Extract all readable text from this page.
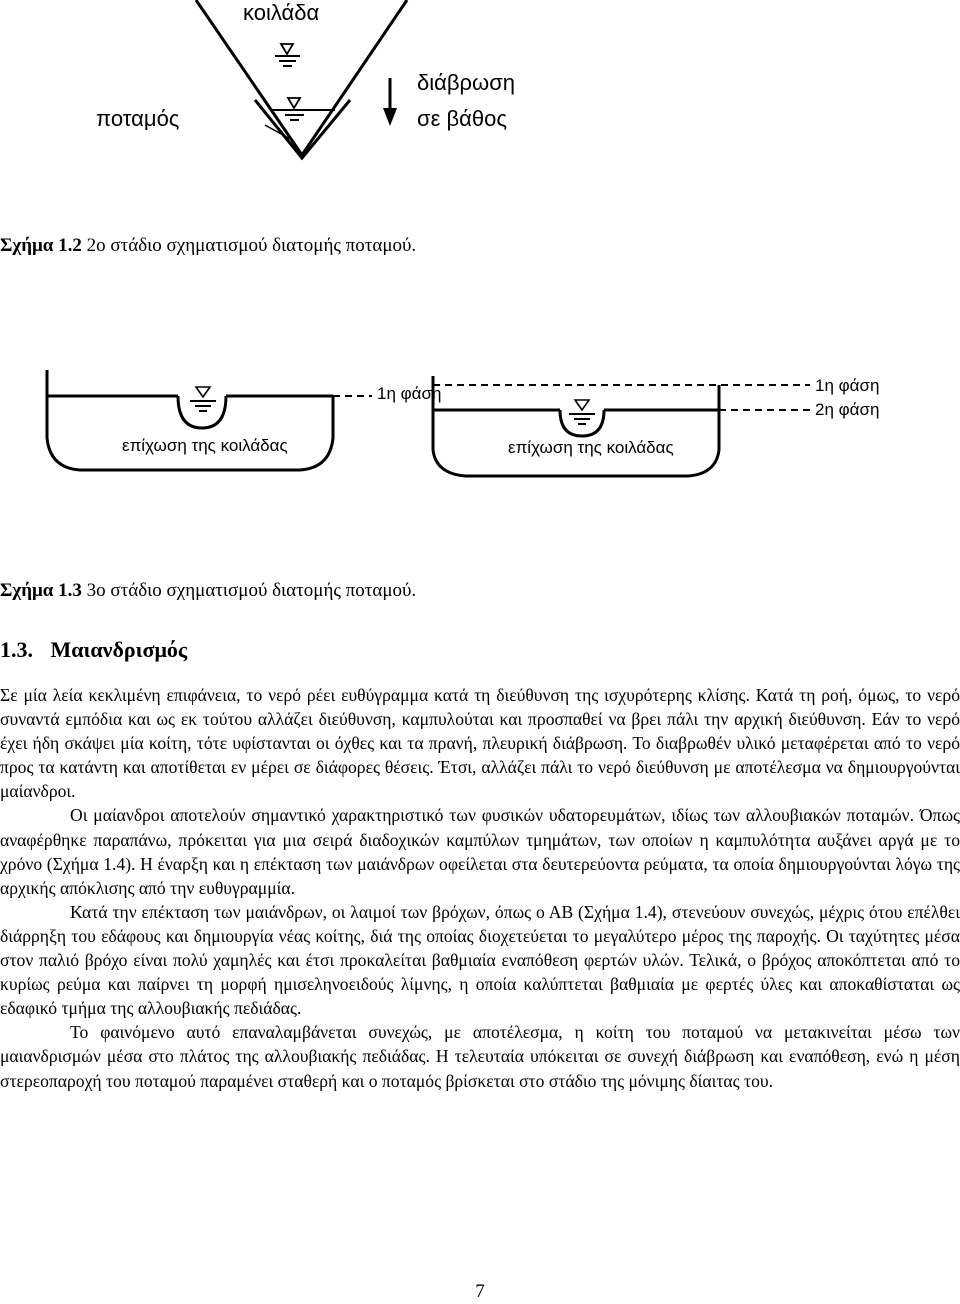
κοιλάδα
ποταμός
διάβρωση
σε βάθος
Σχήμα 1.2 2ο στάδιο σχηματισμού διατομής ποταμού.
1η φάση
επίχωση της κοιλάδας
1η φάση
2η φάση
επίχωση της κοιλάδας
Σχήμα 1.3 3ο στάδιο σχηματισμού διατομής ποταμού.
1.3. Μαιανδρισμός

Σε μία λεία κεκλιμένη επιφάνεια, το νερό ρέει ευθύγραμμα κατά τη διεύθυνση της ισχυρότερης κλίσης. Κατά τη ροή, όμως, το νερό συναντά εμπόδια και ως εκ τούτου αλλάζει διεύθυνση, καμπυλούται και προσπαθεί να βρει πάλι την αρχική διεύθυνση. Εάν το νερό έχει ήδη σκάψει μία κοίτη, τότε υφίστανται οι όχθες και τα πρανή, πλευρική διάβρωση. Το διαβρωθέν υλικό μεταφέρεται από το νερό προς τα κατάντη και αποτίθεται εν μέρει σε διάφορες θέσεις. Έτσι, αλλάζει πάλι το νερό διεύθυνση με αποτέλεσμα να δημιουργούνται μαίανδροι.

Οι μαίανδροι αποτελούν σημαντικό χαρακτηριστικό των φυσικών υδατορευμάτων, ιδίως των αλλουβιακών ποταμών. Όπως αναφέρθηκε παραπάνω, πρόκειται για μια σειρά διαδοχικών καμπύλων τμημάτων, των οποίων η καμπυλότητα αυξάνει αργά με το χρόνο (Σχήμα 1.4). Η έναρξη και η επέκταση των μαιάνδρων οφείλεται στα δευτερεύοντα ρεύματα, τα οποία δημιουργούνται λόγω της αρχικής απόκλισης από την ευθυγραμμία.

Κατά την επέκταση των μαιάνδρων, οι λαιμοί των βρόχων, όπως ο ΑΒ (Σχήμα 1.4), στενεύουν συνεχώς, μέχρις ότου επέλθει διάρρηξη του εδάφους και δημιουργία νέας κοίτης, διά της οποίας διοχετεύεται το μεγαλύτερο μέρος της παροχής. Οι ταχύτητες μέσα στον παλιό βρόχο είναι πολύ χαμηλές και έτσι προκαλείται βαθμιαία εναπόθεση φερτών υλών. Τελικά, ο βρόχος αποκόπτεται από το κυρίως ρεύμα και παίρνει τη μορφή ημισεληνοειδούς λίμνης, η οποία καλύπτεται βαθμιαία με φερτές ύλες και αποκαθίσταται ως εδαφικό τμήμα της αλλουβιακής πεδιάδας.

Το φαινόμενο αυτό επαναλαμβάνεται συνεχώς, με αποτέλεσμα, η κοίτη του ποταμού να μετακινείται μέσω των μαιανδρισμών μέσα στο πλάτος της αλλουβιακής πεδιάδας. Η τελευταία υπόκειται σε συνεχή διάβρωση και εναπόθεση, ενώ η μέση στερεοπαροχή του ποταμού παραμένει σταθερή και ο ποταμός βρίσκεται στο στάδιο της μόνιμης δίαιτας του.

7
